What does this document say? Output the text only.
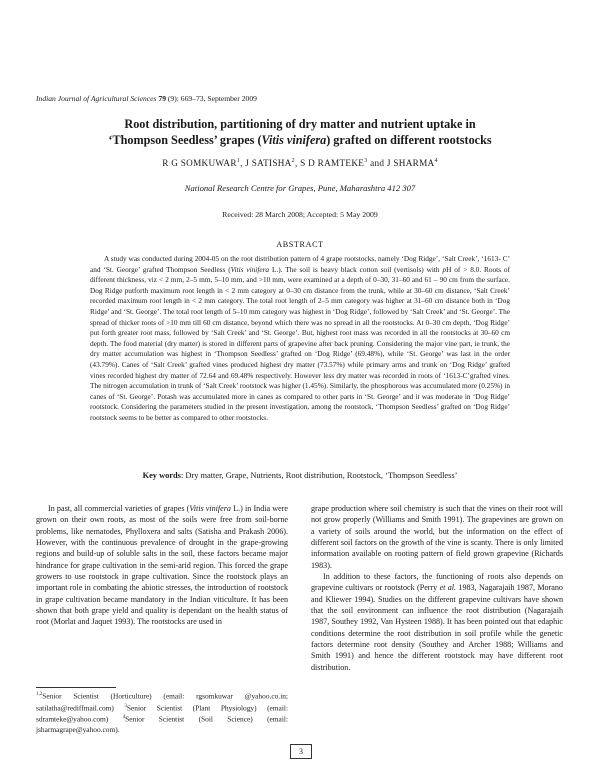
Indian Journal of Agricultural Sciences 79 (9): 669–73, September 2009
Root distribution, partitioning of dry matter and nutrient uptake in
‘Thompson Seedless’ grapes (Vitis vinifera) grafted on different rootstocks
R G SOMKUWAR$^1$, J SATISHA$^2$, S D RAMTEKE$^3$ and J SHARMA$^4$
National Research Centre for Grapes, Pune, Maharashtra 412 307
Received: 28 March 2008; Accepted: 5 May 2009
ABSTRACT

A study was conducted during 2004-05 on the root distribution pattern of 4 grape rootstocks, namely ‘Dog Ridge’, ‘Salt Creek’, ‘1613- C’ and ‘St. George’ grafted Thompson Seedless (Vitis vinifera L.). The soil is heavy black cotton soil (vertisols) with pH of > 8.0. Roots of different thickness, viz < 2 mm, 2–5 mm, 5–10 mm, and >10 mm, were examined at a depth of 0–30, 31–60 and 61 – 90 cm from the surface. Dog Ridge putforth maximum root length in < 2 mm category at 0–30 cm distance from the trunk, while at 30–60 cm distance, ‘Salt Creek’ recorded maximum root length in < 2 mm category. The total root length of 2–5 mm category was higher at 31–60 cm distance both in ‘Dog Ridge’ and ‘St. George’. The total root length of 5–10 mm category was highest in ‘Dog Ridge’, followed by ‘Salt Creek’ and ‘St. George’. The spread of thicker roots of >10 mm till 60 cm distance, beyond which there was no spread in all the rootstocks. At 0–30 cm depth, ‘Dog Ridge’ put forth greater root mass, followed by ‘Salt Creek’ and ‘St. George’. But, highest root mass was recorded in all the rootstocks at 30–60 cm depth. The food material (dry matter) is stored in different parts of grapevine after back pruning. Considering the major vine part, ie trunk, the dry matter accumulation was highest in ‘Thompson Seedless’ grafted on ‘Dog Ridge’ (69.48%), while ‘St. George’ was last in the order (43.79%). Canes of ‘Salt Creek’ grafted vines produced highest dry matter (73.57%) while primary arms and trunk on ‘Dog Ridge’ grafted vines recorded highest dry matter of 72.64 and 69.48% respectively. However less dry matter was recorded in roots of ‘1613-C’grafted vines. The nitrogen accumulation in trunk of ‘Salt Creek’ rootstock was higher (1.45%). Similarly, the phosphorous was accumulated more (0.25%) in canes of ‘St. George’. Potash was accumulated more in canes as compared to other parts in ‘St. George’ and it was moderate in ‘Dog Ridge’ rootstock. Considering the parameters studied in the present investigation, among the rootstock, ‘Thompson Seedless’ grafted on ‘Dog Ridge’ rootstock seems to be better as compared to other rootstocks.

Key words: Dry matter, Grape, Nutrients, Root distribution, Rootstock, ‘Thompson Seedless’

In past, all commercial varieties of grapes (Vitis vinifera L.) in India were grown on their own roots, as most of the soils were free from soil-borne problems, like nematodes, Phylloxera and salts (Satisha and Prakash 2006). However, with the continuous prevalence of drought in the grape-growing regions and build-up of soluble salts in the soil, these factors became major hindrance for grape cultivation in the semi-arid region. This forced the grape growers to use rootstock in grape cultivation. Since the rootstock plays an important role in combating the abiotic stresses, the introduction of rootstock in grape cultivation became mandatory in the Indian viticulture. It has been shown that both grape yield and quality is dependant on the health status of root (Morlat and Jaquet 1993). The rootstocks are used in

grape production where soil chemistry is such that the vines on their root will not grow properly (Williams and Smith 1991). The grapevines are grown on a variety of soils around the world, but the information on the effect of different soil factors on the growth of the vine is scanty. There is only limited information available on rooting pattern of field grown grapevine (Richards 1983).

In addition to these factors, the functioning of roots also depends on grapevine cultivars or rootstock (Perry et al. 1983, Nagarajaih 1987, Morano and Kliewer 1994). Studies on the different grapevine cultivars have shown that the soil environment can influence the root distribution (Nagarajaih 1987, Southey 1992, Van Hysteen 1988). It has been pointed out that edaphic conditions determine the root distribution in soil profile while the genetic factors determine root density (Southey and Archer 1988; Williams and Smith 1991) and hence the different rootstock may have different root distribution.

$^{1,2}$Senior Scientist (Horticulture) (email: rgsomkuwar @yahoo.co.in; satilatha@rediffmail.com) $^3$Senior Scientist (Plant Physiology) (email: sdramteke@yahoo.com) $^4$Senior Scientist (Soil Science) (email: jsharmagrape@yahoo.com).

3
